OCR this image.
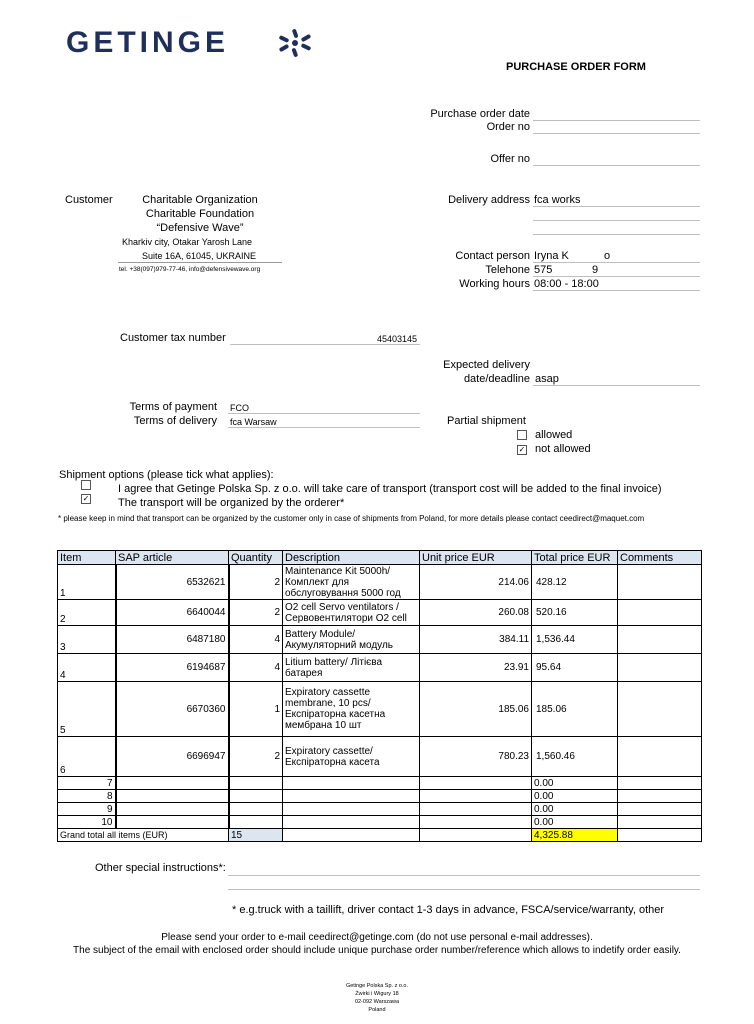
GETINGE
PURCHASE ORDER FORM
Purchase order date
Order no
Offer no
Customer	Charitable Organization
Charitable Foundation
“Defensive Wave”
Kharkiv city, Otakar Yarosh Lane
Suite 16A, 61045, UKRAINE
tel. +38(097)979-77-46, info@defensivewave.org
Delivery address fca works
Contact person Iryna K	o
Telehone 575	9
Working hours 08:00 - 18:00
Customer tax number	45403145
Expected delivery
date/deadline asap
Terms of payment FCO
Terms of delivery fca Warsaw	Partial shipment
allowed
✓ not allowed
Shipment options (please tick what applies):
I agree that Getinge Polska Sp. z o.o. will take care of transport (transport cost will be added to the final invoice)
✓	The transport will be organized by the orderer*
* please keep in mind that transport can be organized by the customer only in case of shipments from Poland, for more details please contact ceedirect@maquet.com
Item	SAP article	Quantity	Description	Unit price EUR	Total price EUR	Comments
1	6532621	2	Maintenance Kit 5000h/ Комплект для обслуговування 5000 год	214.06	428.12	
2	6640044	2	O2 cell Servo ventilators / Сервовентилятори O2 cell	260.08	520.16	
3	6487180	4	Battery Module/ Акумуляторний модуль	384.11	1,536.44	
4	6194687	4	Litium battery/ Літієва батарея	23.91	95.64	
5	6670360	1	Expiratory cassette membrane, 10 pcs/ Експіраторна касетна мембрана 10 шт	185.06	185.06	
6	6696947	2	Expiratory cassette/Експіраторна касета	780.23	1,560.46	
7					0.00	
8					0.00	
9					0.00	
10					0.00	
Grand total all items (EUR)		15			4,325.88	
Other special instructions*:
* e.g.truck with a taillift, driver contact 1-3 days in advance, FSCA/service/warranty, other
Please send your order to e-mail ceedirect@getinge.com (do not use personal e-mail addresses).
The subject of the email with enclosed order should include unique purchase order number/reference which allows to indetify order easily.
Getinge Polska Sp. z o.o.
Żwirki i Wigury 18
02-092 Warszawa
Poland
